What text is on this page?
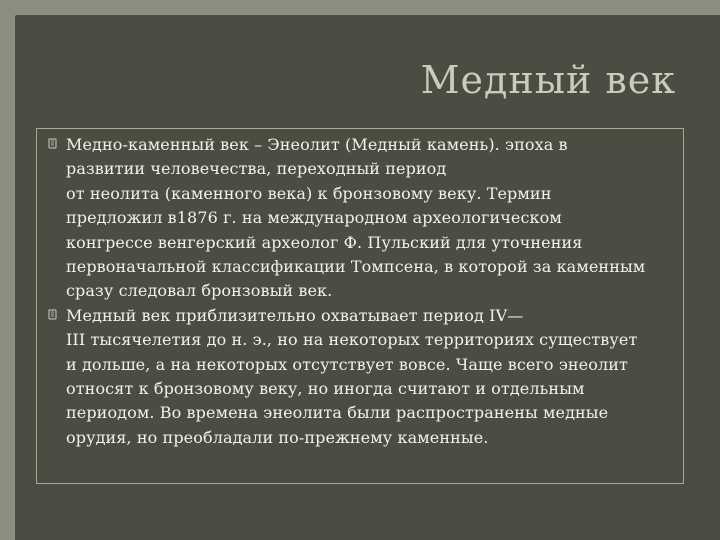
Медный век
Медно-каменный век – Энеолит (Медный камень). эпоха в
развитии человечества, переходный период
от неолита (каменного века) к бронзовому веку. Термин
предложил в1876 г. на международном археологическом
конгрессе венгерский археолог Ф. Пульский для уточнения
первоначальной классификации Томпсена, в которой за каменным
сразу следовал бронзовый век.
Медный век приблизительно охватывает период IV—
III тысячелетия до н. э., но на некоторых территориях существует
и дольше, а на некоторых отсутствует вовсе. Чаще всего энеолит
относят к бронзовому веку, но иногда считают и отдельным
периодом. Во времена энеолита были распространены медные
орудия, но преобладали по-прежнему каменные.
